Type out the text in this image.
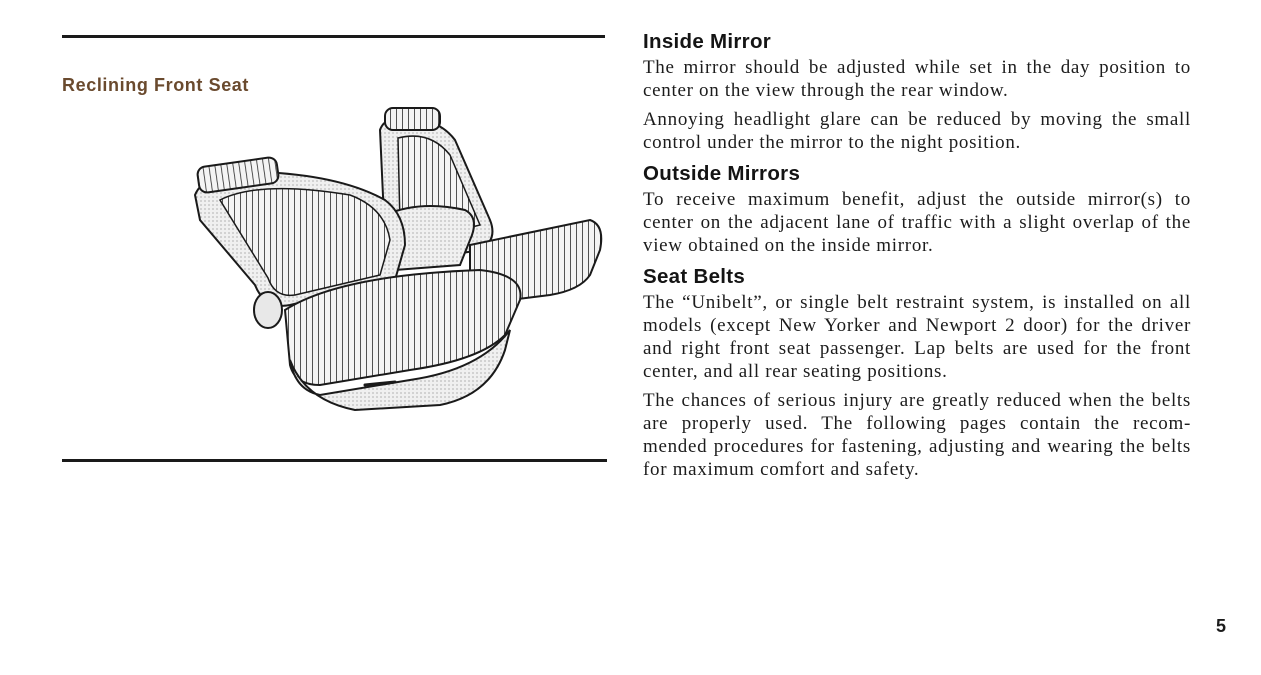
Reclining Front Seat
Inside Mirror

The mirror should be adjusted while set in the day position to center on the view through the rear window.

Annoying headlight glare can be reduced by moving the small control under the mirror to the night position.

Outside Mirrors

To receive maximum benefit, adjust the outside mirror(s) to center on the adjacent lane of traffic with a slight overlap of the view obtained on the inside mirror.

Seat Belts

The “Unibelt”, or single belt restraint system, is installed on all models (except New Yorker and Newport 2 door) for the driver and right front seat passenger. Lap belts are used for the front center, and all rear seating positions.

The chances of serious injury are greatly reduced when the belts are properly used. The following pages contain the recom- mended procedures for fastening, adjusting and wearing the belts for maximum comfort and safety.

5
